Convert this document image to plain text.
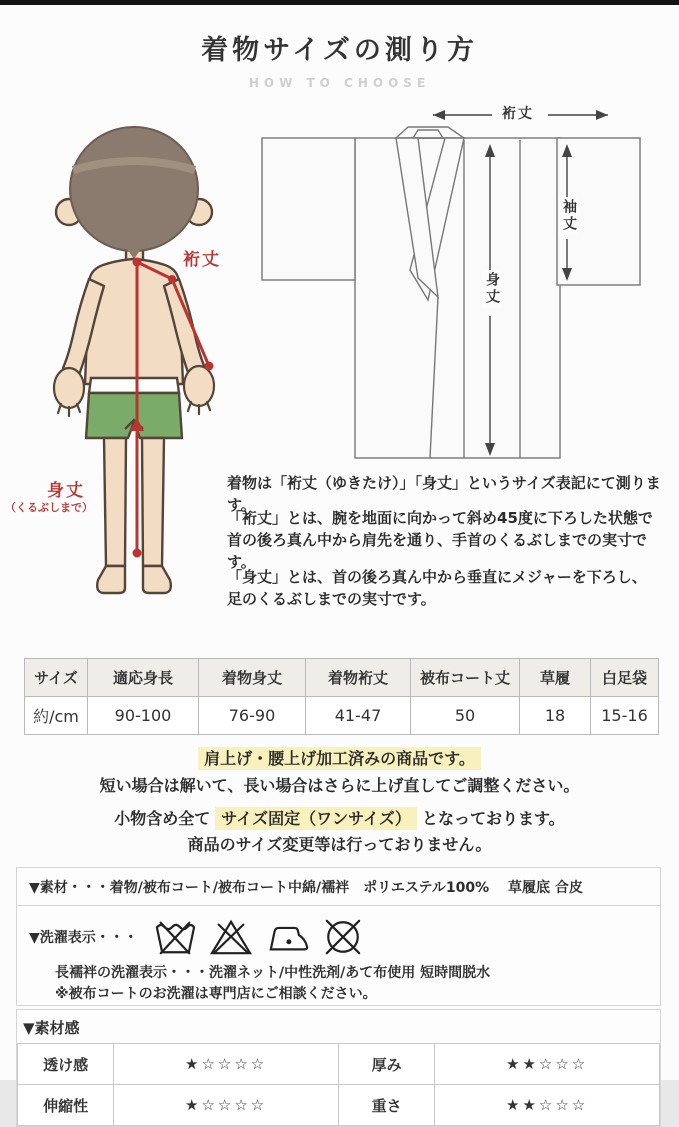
着物サイズの測り方
HOW TO CHOOSE
裄丈
身丈
（くるぶしまで）
裄丈
袖丈
身丈
着物は「裄丈（ゆきたけ）」「身丈」というサイズ表記にて測ります。
「裄丈」とは、腕を地面に向かって斜め45度に下ろした状態で
首の後ろ真ん中から肩先を通り、手首のくるぶしまでの実寸です。
「身丈」とは、首の後ろ真ん中から垂直にメジャーを下ろし、
足のくるぶしまでの実寸です。
サイズ	適応身長	着物身丈	着物裄丈	被布コート丈	草履	白足袋
約/cm	90-100	76-90	41-47	50	18	15-16
肩上げ・腰上げ加工済みの商品です。
短い場合は解いて、長い場合はさらに上げ直してご調整ください。
小物含め全て サイズ固定（ワンサイズ） となっております。
商品のサイズ変更等は行っておりません。
▼素材・・・着物/被布コート/被布コート中綿/襦袢　ポリエステル100%　 草履底 合皮
▼洗濯表示・・・
長襦袢の洗濯表示・・・洗濯ネット/中性洗剤/あて布使用 短時間脱水
※被布コートのお洗濯は専門店にご相談ください。
▼素材感
透け感	★☆☆☆☆	厚み	★★☆☆☆
伸縮性	★☆☆☆☆	重さ	★★☆☆☆
